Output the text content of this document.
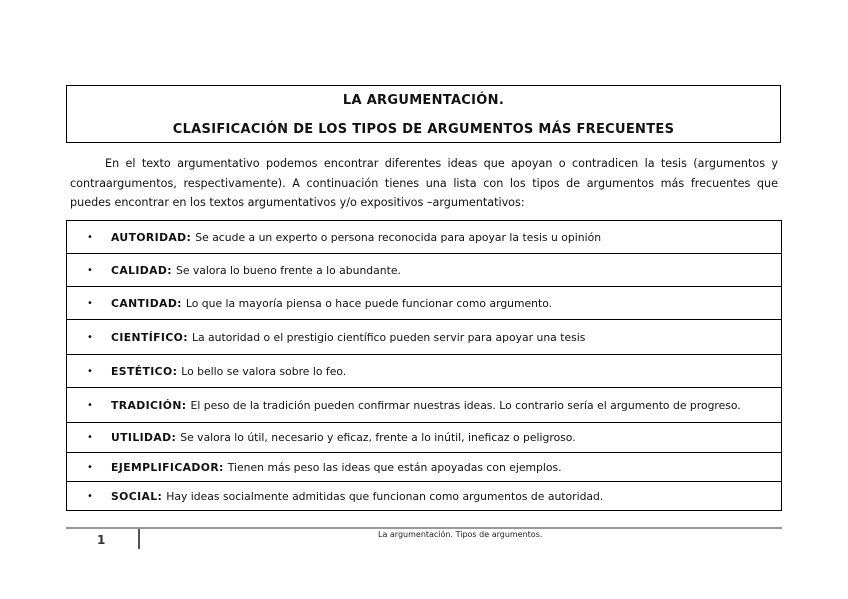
LA ARGUMENTACIÓN.
CLASIFICACIÓN DE LOS TIPOS DE ARGUMENTOS MÁS FRECUENTES
En el texto argumentativo podemos encontrar diferentes ideas que apoyan o contradicen la tesis (argumentos y contraargumentos, respectivamente). A continuación tienes una lista con los tipos de argumentos más frecuentes que puedes encontrar en los textos argumentativos y/o expositivos –argumentativos:
•	AUTORIDAD: Se acude a un experto o persona reconocida para apoyar la tesis u opinión
•	CALIDAD: Se valora lo bueno frente a lo abundante.
•	CANTIDAD: Lo que la mayoría piensa o hace puede funcionar como argumento.
•	CIENTÍFICO: La autoridad o el prestigio científico pueden servir para apoyar una tesis
•	ESTÉTICO: Lo bello se valora sobre lo feo.
•	TRADICIÓN: El peso de la tradición pueden confirmar nuestras ideas. Lo contrario sería el argumento de progreso.
•	UTILIDAD: Se valora lo útil, necesario y eficaz, frente a lo inútil, ineficaz o peligroso.
•	EJEMPLIFICADOR: Tienen más peso las ideas que están apoyadas con ejemplos.
•	SOCIAL: Hay ideas socialmente admitidas que funcionan como argumentos de autoridad.
1	La argumentación. Tipos de argumentos.
